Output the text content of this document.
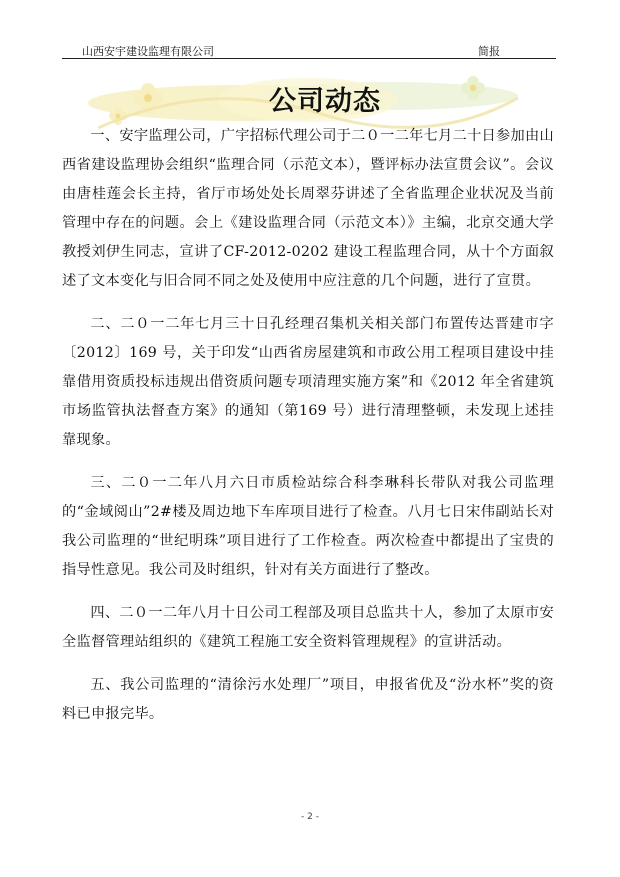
山西安宇建设监理有限公司	简报
公司动态

一、安宇监理公司，广宇招标代理公司于二０一二年七月二十日参加由山西省建设监理协会组织“监理合同（示范文本），暨评标办法宣贯会议”。会议由唐桂莲会长主持，省厅市场处处长周翠芬讲述了全省监理企业状况及当前管理中存在的问题。会上《建设监理合同（示范文本）》主编，北京交通大学教授刘伊生同志，宣讲了CF-2012-0202 建设工程监理合同，从十个方面叙述了文本变化与旧合同不同之处及使用中应注意的几个问题，进行了宣贯。

二、二０一二年七月三十日孔经理召集机关相关部门布置传达晋建市字〔2012〕169 号，关于印发“山西省房屋建筑和市政公用工程项目建设中挂靠借用资质投标违规出借资质问题专项清理实施方案”和《2012 年全省建筑市场监管执法督查方案》的通知（第169 号）进行清理整顿，未发现上述挂靠现象。

三、二０一二年八月六日市质检站综合科李琳科长带队对我公司监理的“金域阅山”2#楼及周边地下车库项目进行了检查。八月七日宋伟副站长对我公司监理的“世纪明珠”项目进行了工作检查。两次检查中都提出了宝贵的指导性意见。我公司及时组织，针对有关方面进行了整改。

四、二０一二年八月十日公司工程部及项目总监共十人，参加了太原市安全监督管理站组织的《建筑工程施工安全资料管理规程》的宣讲活动。

五、我公司监理的“清徐污水处理厂”项目，申报省优及“汾水杯”奖的资料已申报完毕。

- 2 -
